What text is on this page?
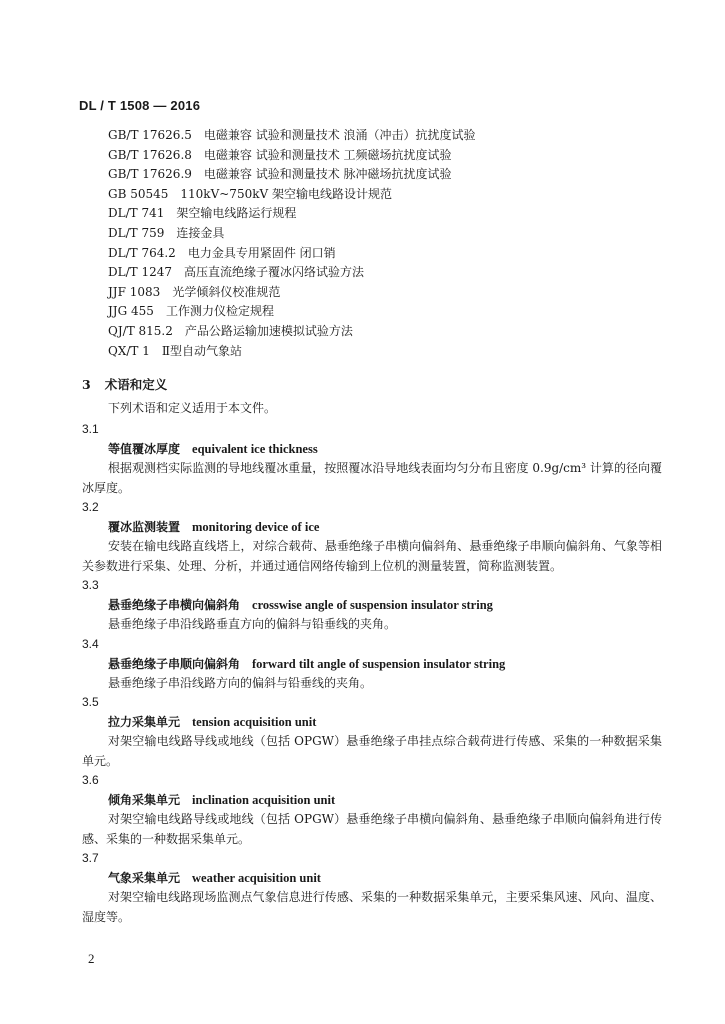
DL / T 1508 — 2016
GB/T 17626.5 电磁兼容 试验和测量技术 浪涌（冲击）抗扰度试验
GB/T 17626.8 电磁兼容 试验和测量技术 工频磁场抗扰度试验
GB/T 17626.9 电磁兼容 试验和测量技术 脉冲磁场抗扰度试验
GB 50545 110kV~750kV 架空输电线路设计规范
DL/T 741 架空输电线路运行规程
DL/T 759 连接金具
DL/T 764.2 电力金具专用紧固件 闭口销
DL/T 1247 高压直流绝缘子覆冰闪络试验方法
JJF 1083 光学倾斜仪校准规范
JJG 455 工作测力仪检定规程
QJ/T 815.2 产品公路运输加速模拟试验方法
QX/T 1 Ⅱ型自动气象站
3 术语和定义
下列术语和定义适用于本文件。
3.1
等值覆冰厚度 equivalent ice thickness

根据观测档实际监测的导地线覆冰重量，按照覆冰沿导地线表面均匀分布且密度 0.9g/cm³ 计算的径向覆冰厚度。

3.2
覆冰监测装置 monitoring device of ice

安装在输电线路直线塔上，对综合载荷、悬垂绝缘子串横向偏斜角、悬垂绝缘子串顺向偏斜角、气象等相关参数进行采集、处理、分析，并通过通信网络传输到上位机的测量装置，简称监测装置。

3.3
悬垂绝缘子串横向偏斜角 crosswise angle of suspension insulator string

悬垂绝缘子串沿线路垂直方向的偏斜与铅垂线的夹角。

3.4
悬垂绝缘子串顺向偏斜角 forward tilt angle of suspension insulator string

悬垂绝缘子串沿线路方向的偏斜与铅垂线的夹角。

3.5
拉力采集单元 tension acquisition unit

对架空输电线路导线或地线（包括 OPGW）悬垂绝缘子串挂点综合载荷进行传感、采集的一种数据采集单元。

3.6
倾角采集单元 inclination acquisition unit

对架空输电线路导线或地线（包括 OPGW）悬垂绝缘子串横向偏斜角、悬垂绝缘子串顺向偏斜角进行传感、采集的一种数据采集单元。

3.7
气象采集单元 weather acquisition unit

对架空输电线路现场监测点气象信息进行传感、采集的一种数据采集单元，主要采集风速、风向、温度、湿度等。

2
